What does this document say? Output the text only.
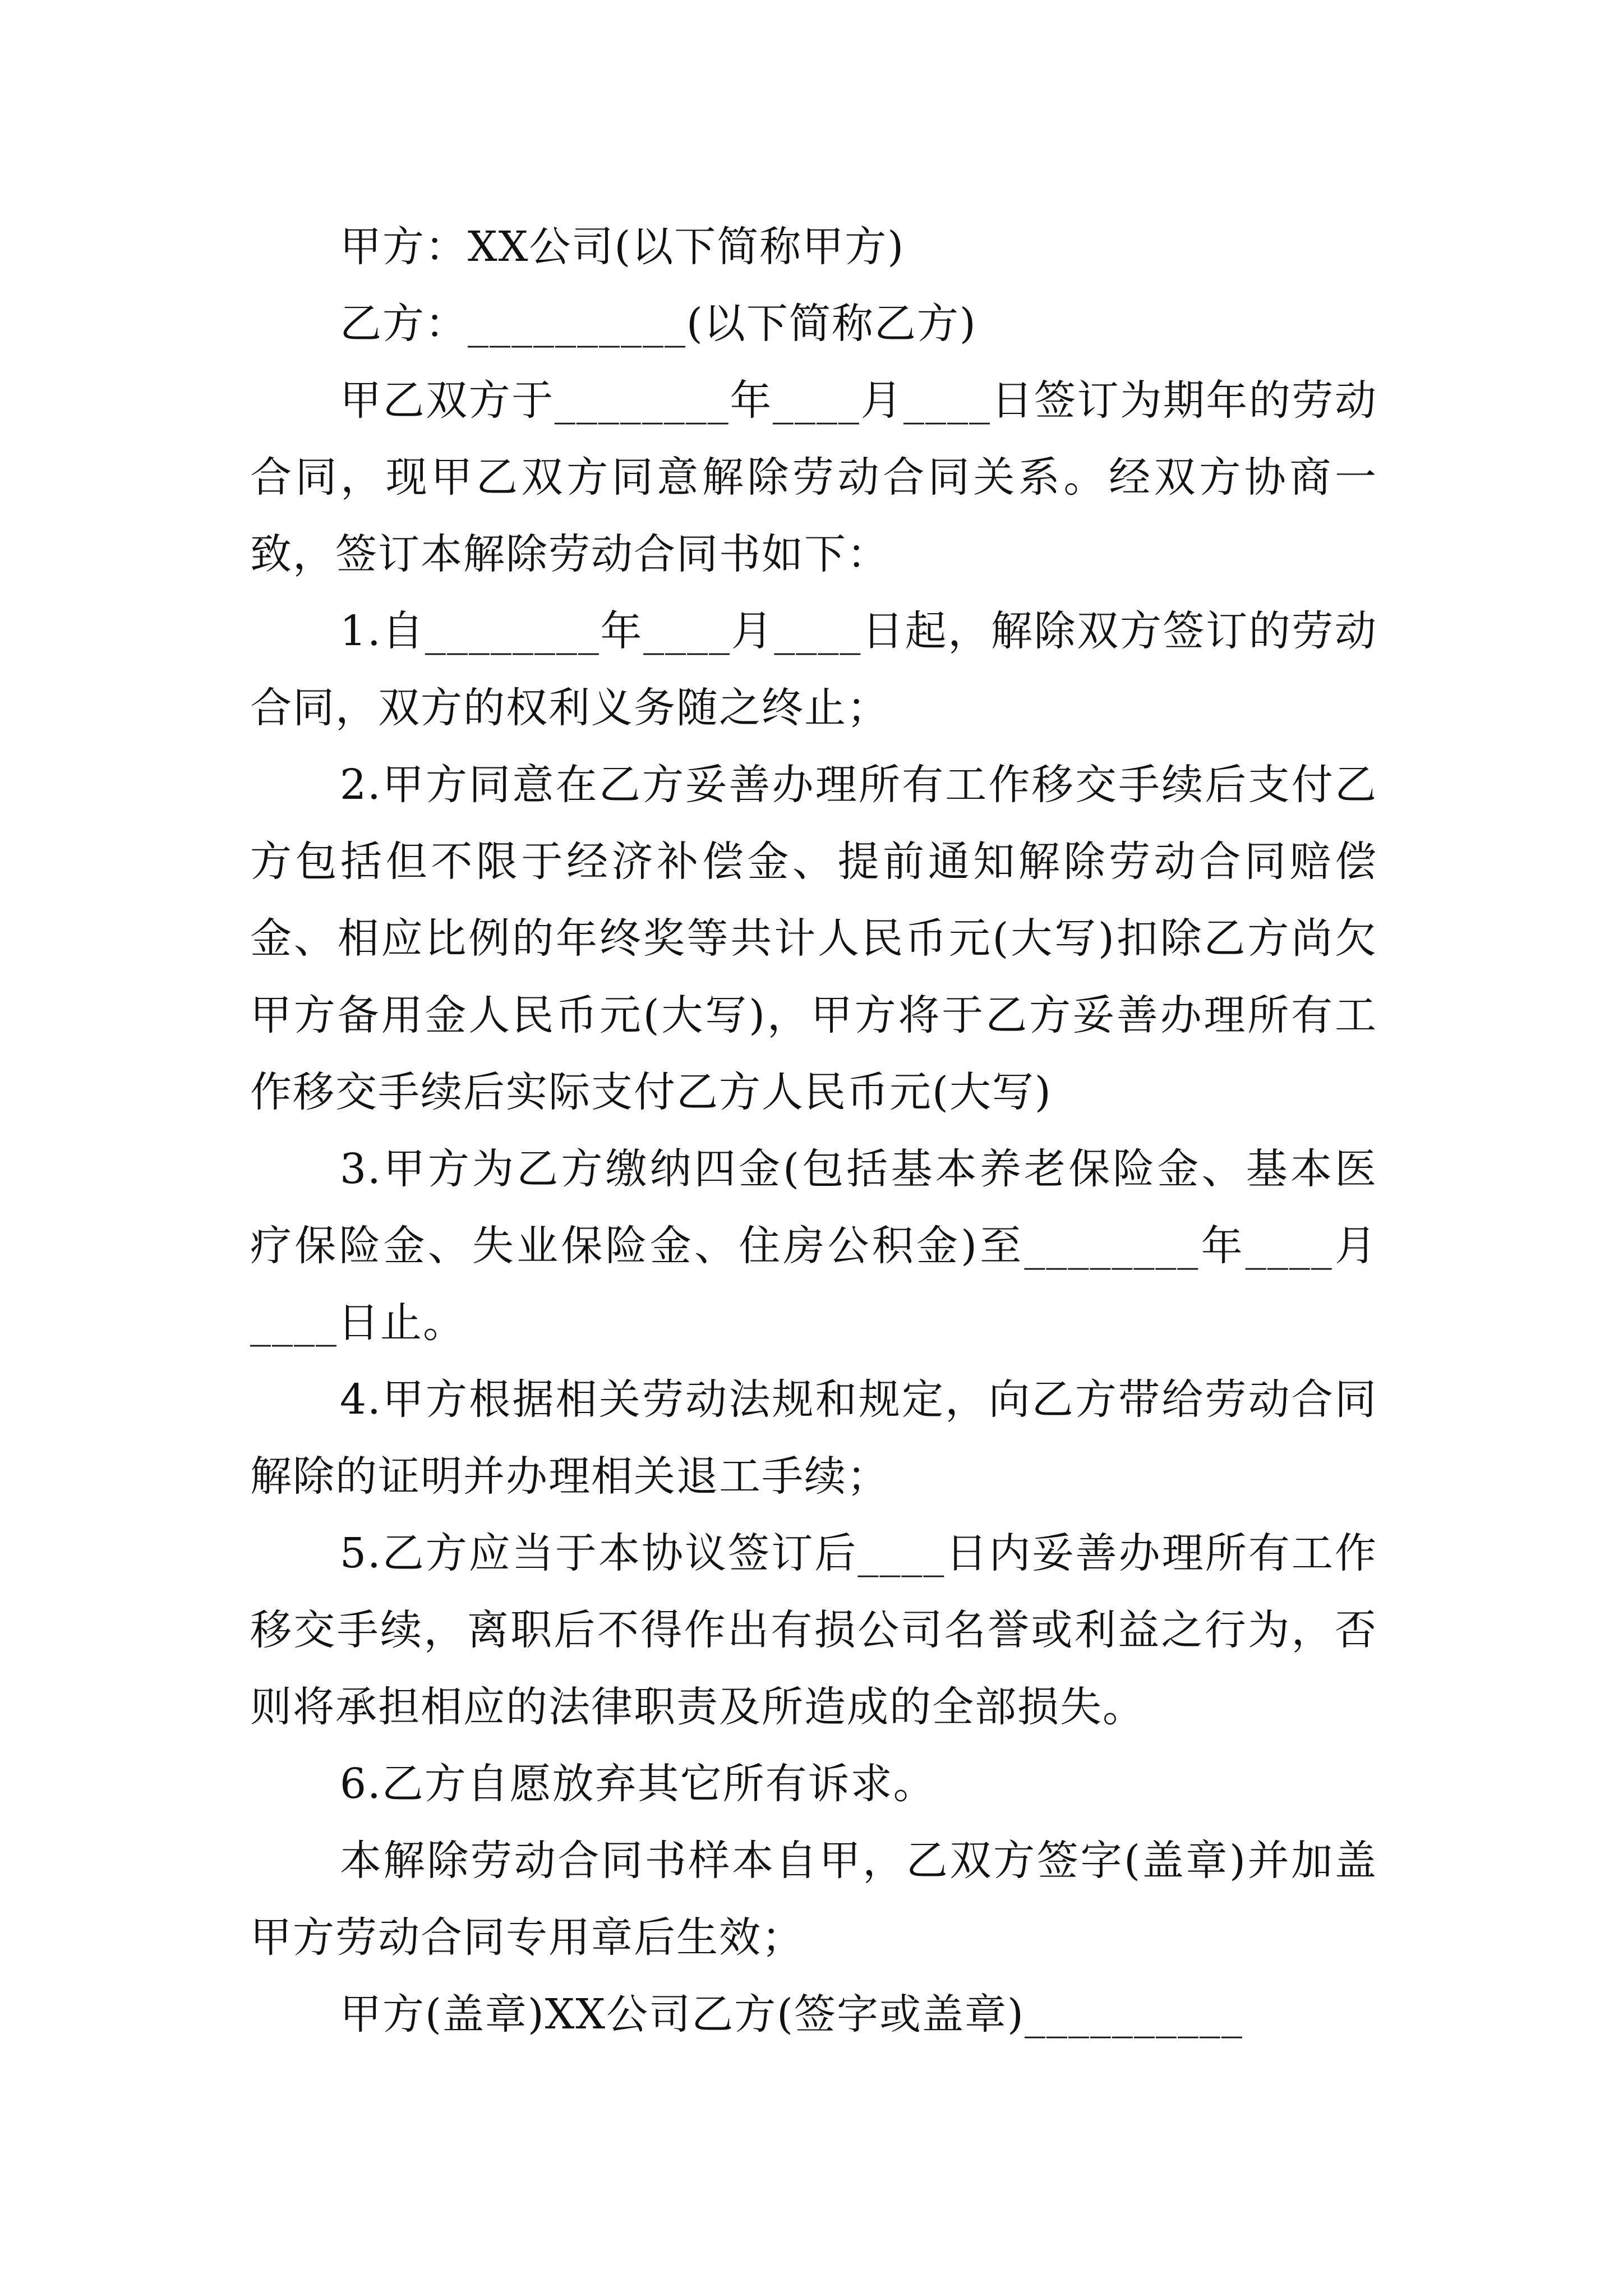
甲方：XX公司(以下简称甲方)

乙方：__________(以下简称乙方)

甲乙双方于________年____月____日签订为期年的劳动合同，现甲乙双方同意解除劳动合同关系。经双方协商一致，签订本解除劳动合同书如下：

1.自________年____月____日起，解除双方签订的劳动合同，双方的权利义务随之终止；

2.甲方同意在乙方妥善办理所有工作移交手续后支付乙方包括但不限于经济补偿金、提前通知解除劳动合同赔偿金、相应比例的年终奖等共计人民币元(大写)扣除乙方尚欠甲方备用金人民币元(大写)，甲方将于乙方妥善办理所有工作移交手续后实际支付乙方人民币元(大写)

3.甲方为乙方缴纳四金(包括基本养老保险金、基本医疗保险金、失业保险金、住房公积金)至________年____月____日止。

4.甲方根据相关劳动法规和规定，向乙方带给劳动合同解除的证明并办理相关退工手续；

5.乙方应当于本协议签订后____日内妥善办理所有工作移交手续，离职后不得作出有损公司名誉或利益之行为，否则将承担相应的法律职责及所造成的全部损失。

6.乙方自愿放弃其它所有诉求。

本解除劳动合同书样本自甲，乙双方签字(盖章)并加盖甲方劳动合同专用章后生效；

甲方(盖章)XX公司乙方(签字或盖章)__________
